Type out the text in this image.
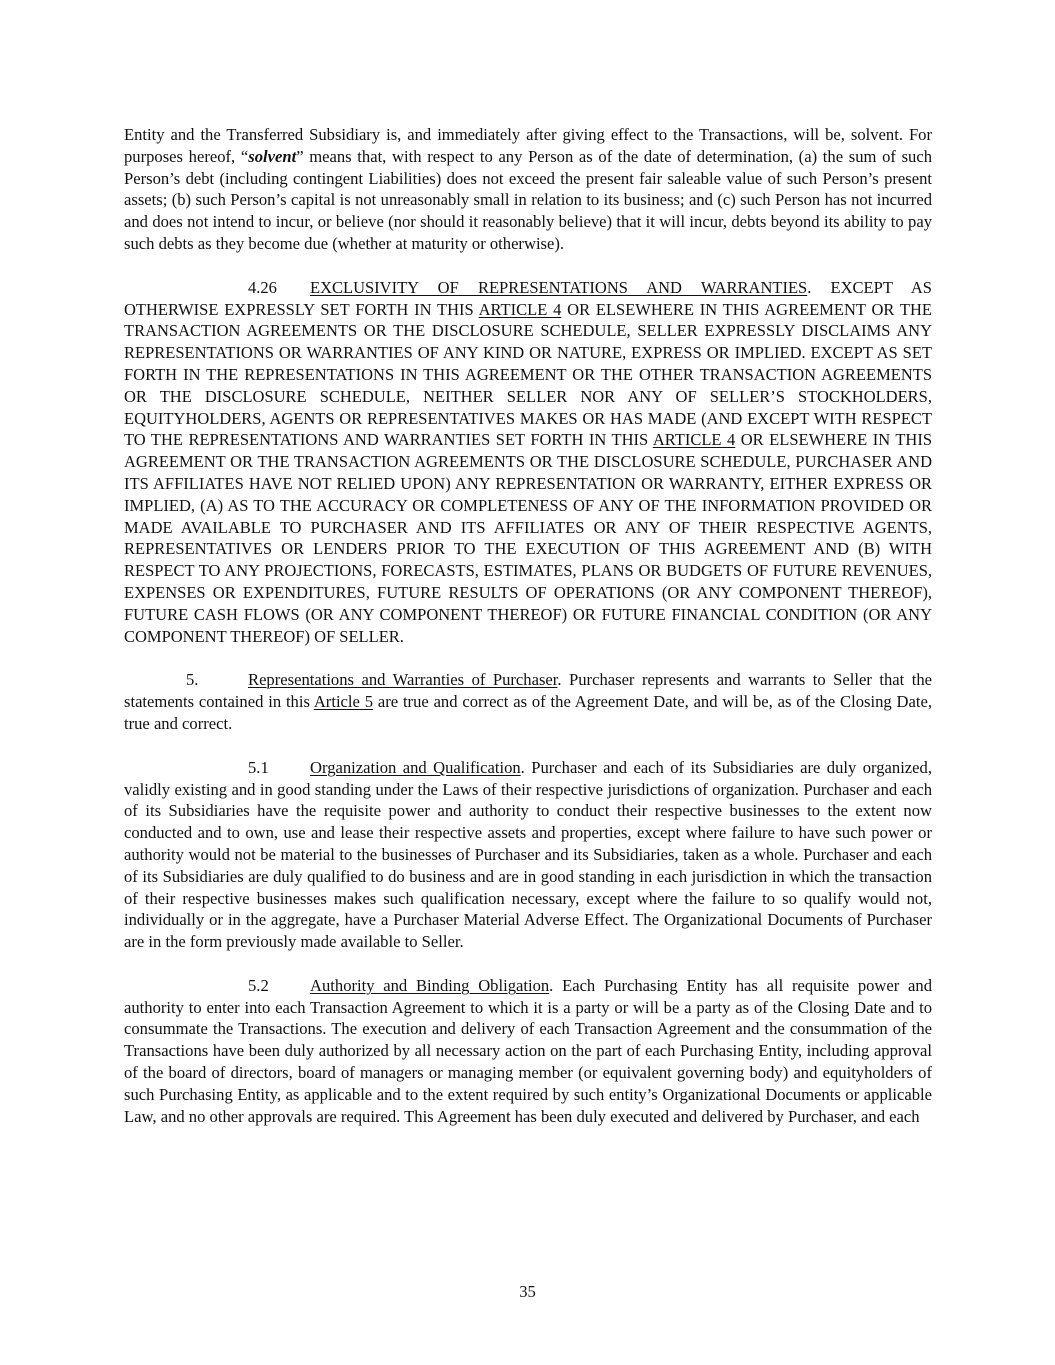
Entity and the Transferred Subsidiary is, and immediately after giving effect to the Transactions, will be, solvent. For purposes hereof, “solvent” means that, with respect to any Person as of the date of determination, (a) the sum of such Person’s debt (including contingent Liabilities) does not exceed the present fair saleable value of such Person’s present assets; (b) such Person’s capital is not unreasonably small in relation to its business; and (c) such Person has not incurred and does not intend to incur, or believe (nor should it reasonably believe) that it will incur, debts beyond its ability to pay such debts as they become due (whether at maturity or otherwise).

4.26 EXCLUSIVITY OF REPRESENTATIONS AND WARRANTIES. EXCEPT AS OTHERWISE EXPRESSLY SET FORTH IN THIS ARTICLE 4 OR ELSEWHERE IN THIS AGREEMENT OR THE TRANSACTION AGREEMENTS OR THE DISCLOSURE SCHEDULE, SELLER EXPRESSLY DISCLAIMS ANY REPRESENTATIONS OR WARRANTIES OF ANY KIND OR NATURE, EXPRESS OR IMPLIED. EXCEPT AS SET FORTH IN THE REPRESENTATIONS IN THIS AGREEMENT OR THE OTHER TRANSACTION AGREEMENTS OR THE DISCLOSURE SCHEDULE, NEITHER SELLER NOR ANY OF SELLER’S STOCKHOLDERS, EQUITYHOLDERS, AGENTS OR REPRESENTATIVES MAKES OR HAS MADE (AND EXCEPT WITH RESPECT TO THE REPRESENTATIONS AND WARRANTIES SET FORTH IN THIS ARTICLE 4 OR ELSEWHERE IN THIS AGREEMENT OR THE TRANSACTION AGREEMENTS OR THE DISCLOSURE SCHEDULE, PURCHASER AND ITS AFFILIATES HAVE NOT RELIED UPON) ANY REPRESENTATION OR WARRANTY, EITHER EXPRESS OR IMPLIED, (A) AS TO THE ACCURACY OR COMPLETENESS OF ANY OF THE INFORMATION PROVIDED OR MADE AVAILABLE TO PURCHASER AND ITS AFFILIATES OR ANY OF THEIR RESPECTIVE AGENTS, REPRESENTATIVES OR LENDERS PRIOR TO THE EXECUTION OF THIS AGREEMENT AND (B) WITH RESPECT TO ANY PROJECTIONS, FORECASTS, ESTIMATES, PLANS OR BUDGETS OF FUTURE REVENUES, EXPENSES OR EXPENDITURES, FUTURE RESULTS OF OPERATIONS (OR ANY COMPONENT THEREOF), FUTURE CASH FLOWS (OR ANY COMPONENT THEREOF) OR FUTURE FINANCIAL CONDITION (OR ANY COMPONENT THEREOF) OF SELLER.

5.	Representations and Warranties of Purchaser. Purchaser represents and warrants to Seller that the statements contained in this Article 5 are true and correct as of the Agreement Date, and will be, as of the Closing Date, true and correct.

5.1 Organization and Qualification. Purchaser and each of its Subsidiaries are duly organized, validly existing and in good standing under the Laws of their respective jurisdictions of organization. Purchaser and each of its Subsidiaries have the requisite power and authority to conduct their respective businesses to the extent now conducted and to own, use and lease their respective assets and properties, except where failure to have such power or authority would not be material to the businesses of Purchaser and its Subsidiaries, taken as a whole. Purchaser and each of its Subsidiaries are duly qualified to do business and are in good standing in each jurisdiction in which the transaction of their respective businesses makes such qualification necessary, except where the failure to so qualify would not, individually or in the aggregate, have a Purchaser Material Adverse Effect. The Organizational Documents of Purchaser are in the form previously made available to Seller.

5.2 Authority and Binding Obligation. Each Purchasing Entity has all requisite power and authority to enter into each Transaction Agreement to which it is a party or will be a party as of the Closing Date and to consummate the Transactions. The execution and delivery of each Transaction Agreement and the consummation of the Transactions have been duly authorized by all necessary action on the part of each Purchasing Entity, including approval of the board of directors, board of managers or managing member (or equivalent governing body) and equityholders of such Purchasing Entity, as applicable and to the extent required by such entity’s Organizational Documents or applicable Law, and no other approvals are required. This Agreement has been duly executed and delivered by Purchaser, and each

35
